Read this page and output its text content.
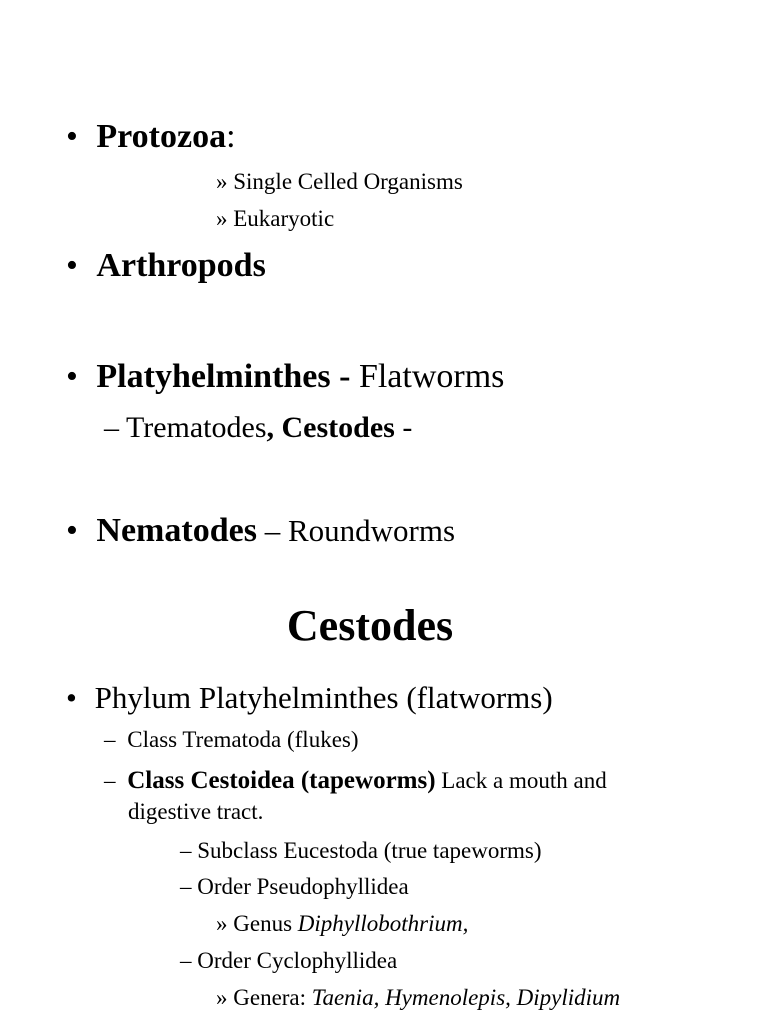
• Protozoa:
» Single Celled Organisms
» Eukaryotic
• Arthropods
• Platyhelminthes - Flatworms
– Trematodes, Cestodes -
• Nematodes – Roundworms
Cestodes
• Phylum Platyhelminthes (flatworms)
– Class Trematoda (flukes)
– Class Cestoidea (tapeworms) Lack a mouth and
digestive tract.
– Subclass Eucestoda (true tapeworms)
– Order Pseudophyllidea
» Genus Diphyllobothrium,
– Order Cyclophyllidea
» Genera: Taenia, Hymenolepis, Dipylidium
